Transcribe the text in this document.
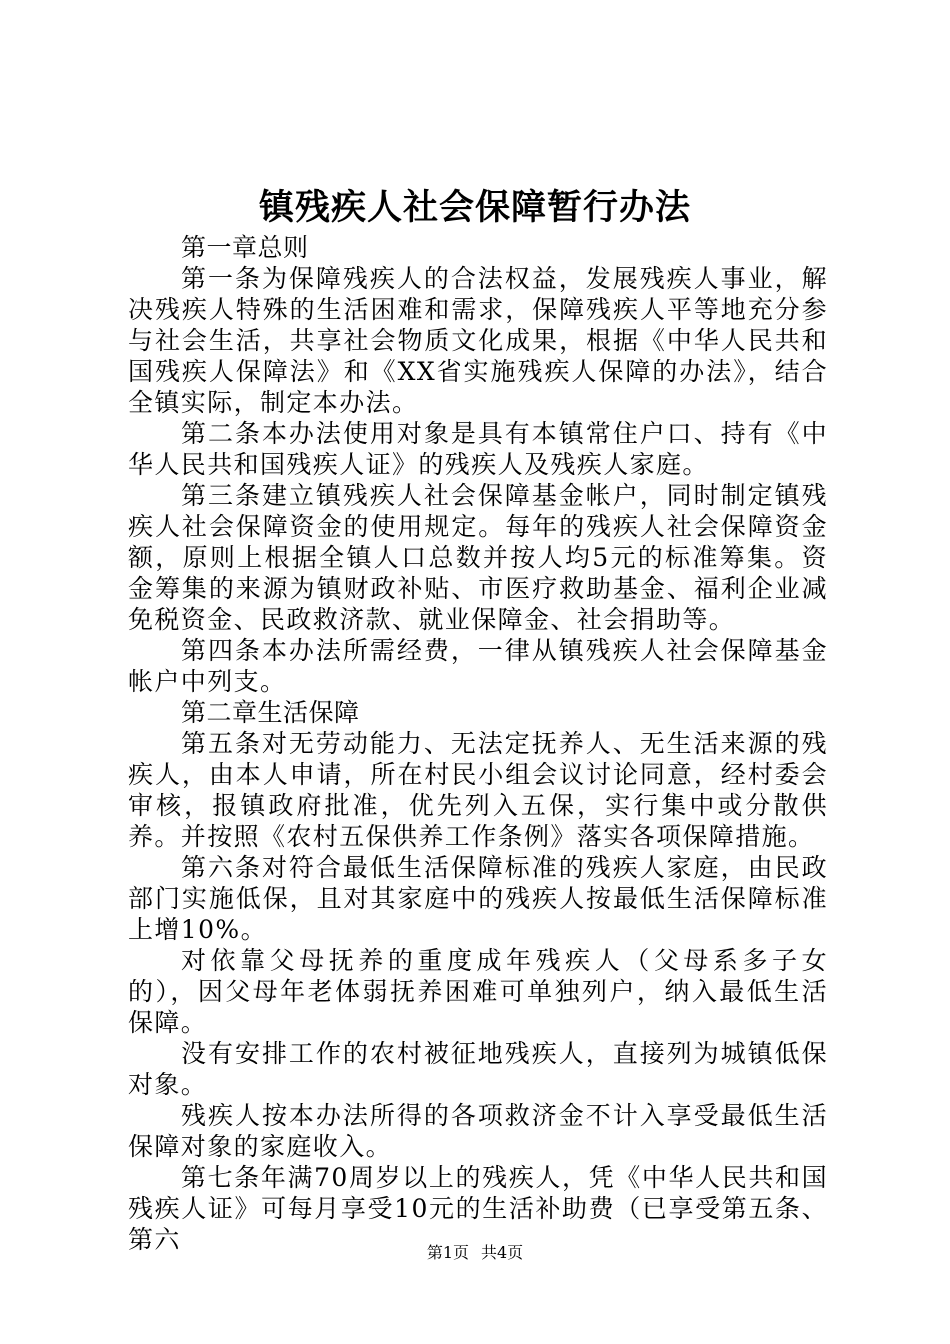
镇残疾人社会保障暂行办法

第一章总则

第一条为保障残疾人的合法权益，发展残疾人事业，解决残疾人特殊的生活困难和需求，保障残疾人平等地充分参与社会生活，共享社会物质文化成果，根据《中华人民共和国残疾人保障法》和《XX省实施残疾人保障的办法》，结合全镇实际，制定本办法。

第二条本办法使用对象是具有本镇常住户口、持有《中华人民共和国残疾人证》的残疾人及残疾人家庭。

第三条建立镇残疾人社会保障基金帐户，同时制定镇残疾人社会保障资金的使用规定。每年的残疾人社会保障资金额，原则上根据全镇人口总数并按人均5元的标准筹集。资金筹集的来源为镇财政补贴、市医疗救助基金、福利企业减免税资金、民政救济款、就业保障金、社会捐助等。

第四条本办法所需经费，一律从镇残疾人社会保障基金帐户中列支。

第二章生活保障

第五条对无劳动能力、无法定抚养人、无生活来源的残疾人，由本人申请，所在村民小组会议讨论同意，经村委会审核，报镇政府批准，优先列入五保，实行集中或分散供养。并按照《农村五保供养工作条例》落实各项保障措施。

第六条对符合最低生活保障标准的残疾人家庭，由民政部门实施低保，且对其家庭中的残疾人按最低生活保障标准上增10%。

对依靠父母抚养的重度成年残疾人（父母系多子女的），因父母年老体弱抚养困难可单独列户，纳入最低生活保障。

没有安排工作的农村被征地残疾人，直接列为城镇低保对象。

残疾人按本办法所得的各项救济金不计入享受最低生活保障对象的家庭收入。

第七条年满70周岁以上的残疾人，凭《中华人民共和国残疾人证》可每月享受10元的生活补助费（已享受第五条、第六	第1页 共4页
